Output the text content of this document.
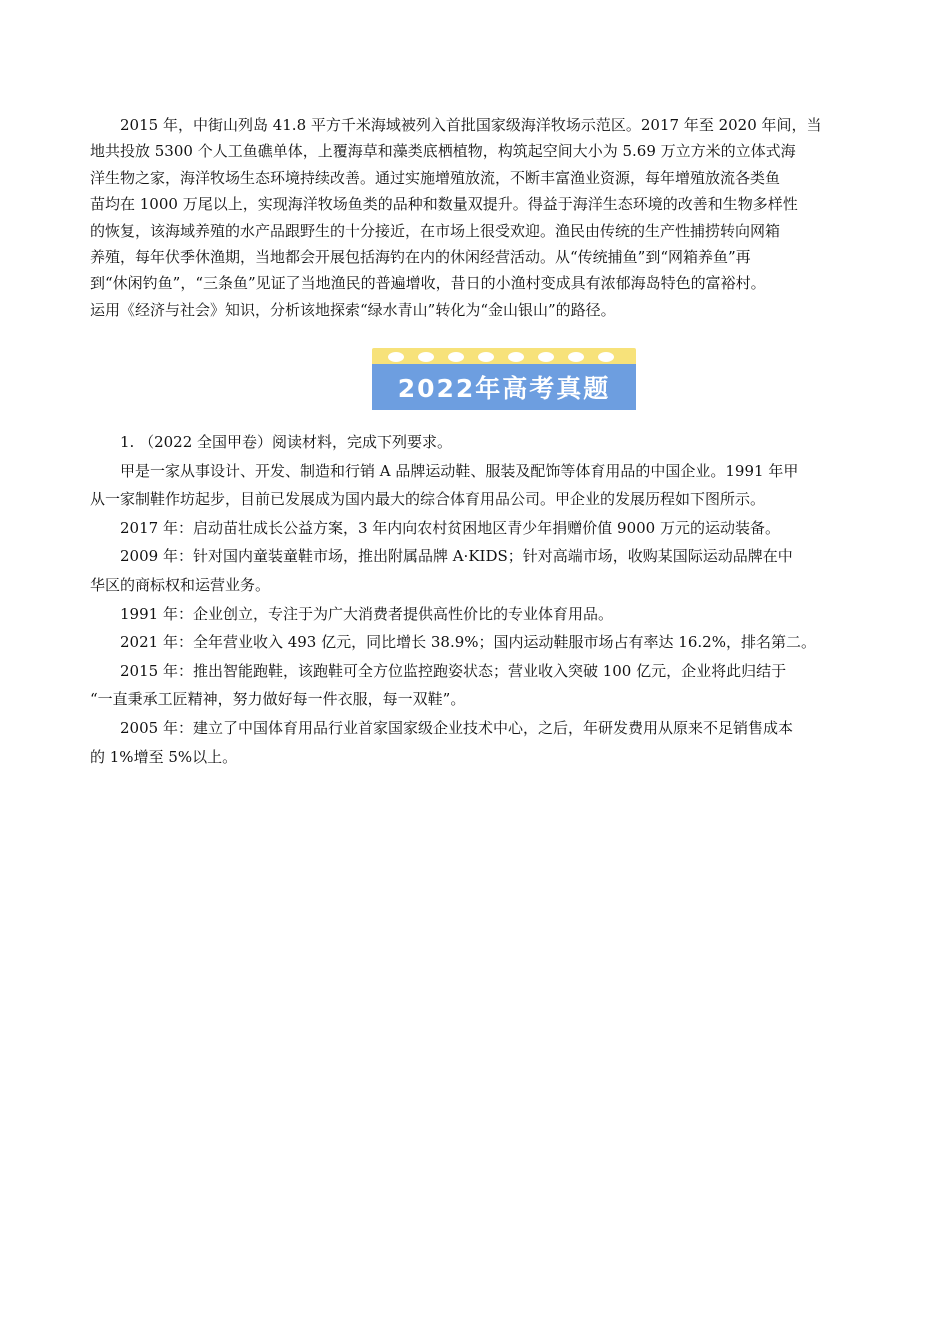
2015 年，中街山列岛 41.8 平方千米海域被列入首批国家级海洋牧场示范区。2017 年至 2020 年间，当
地共投放 5300 个人工鱼礁单体，上覆海草和藻类底栖植物，构筑起空间大小为 5.69 万立方米的立体式海
洋生物之家，海洋牧场生态环境持续改善。通过实施增殖放流，不断丰富渔业资源，每年增殖放流各类鱼
苗均在 1000 万尾以上，实现海洋牧场鱼类的品种和数量双提升。得益于海洋生态环境的改善和生物多样性
的恢复，该海域养殖的水产品跟野生的十分接近，在市场上很受欢迎。渔民由传统的生产性捕捞转向网箱
养殖，每年伏季休渔期，当地都会开展包括海钓在内的休闲经营活动。从“传统捕鱼”到“网箱养鱼”再
到“休闲钓鱼”，“三条鱼”见证了当地渔民的普遍增收，昔日的小渔村变成具有浓郁海岛特色的富裕村。
运用《经济与社会》知识，分析该地探索“绿水青山”转化为“金山银山”的路径。
2022年高考真题
1. （2022 全国甲卷）阅读材料，完成下列要求。
甲是一家从事设计、开发、制造和行销 A 品牌运动鞋、服装及配饰等体育用品的中国企业。1991 年甲
从一家制鞋作坊起步，目前已发展成为国内最大的综合体育用品公司。甲企业的发展历程如下图所示。
2017 年：启动苗壮成长公益方案，3 年内向农村贫困地区青少年捐赠价值 9000 万元的运动装备。
2009 年：针对国内童装童鞋市场，推出附属品牌 A·KIDS；针对高端市场，收购某国际运动品牌在中
华区的商标权和运营业务。
1991 年：企业创立，专注于为广大消费者提供高性价比的专业体育用品。
2021 年：全年营业收入 493 亿元，同比增长 38.9%；国内运动鞋服市场占有率达 16.2%，排名第二。
2015 年：推出智能跑鞋，该跑鞋可全方位监控跑姿状态；营业收入突破 100 亿元，企业将此归结于
“一直秉承工匠精神，努力做好每一件衣服，每一双鞋”。
2005 年：建立了中国体育用品行业首家国家级企业技术中心，之后，年研发费用从原来不足销售成本
的 1%增至 5%以上。
